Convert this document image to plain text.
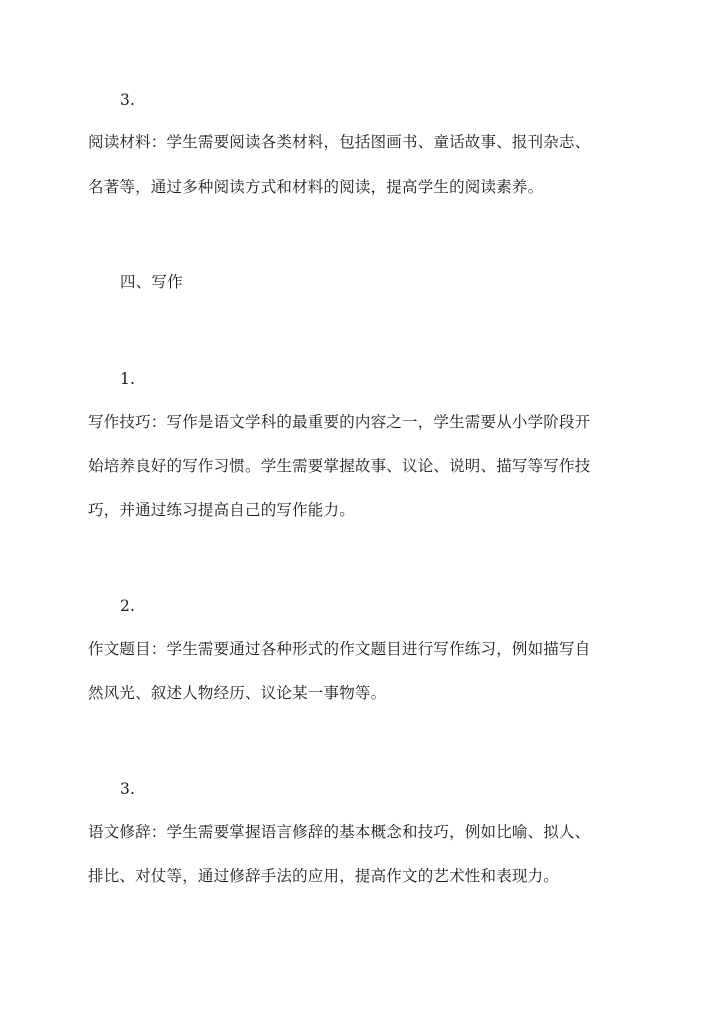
3.
阅读材料：学生需要阅读各类材料，包括图画书、童话故事、报刊杂志、
名著等，通过多种阅读方式和材料的阅读，提高学生的阅读素养。
四、写作
1.
写作技巧：写作是语文学科的最重要的内容之一，学生需要从小学阶段开
始培养良好的写作习惯。学生需要掌握故事、议论、说明、描写等写作技
巧，并通过练习提高自己的写作能力。
2.
作文题目：学生需要通过各种形式的作文题目进行写作练习，例如描写自
然风光、叙述人物经历、议论某一事物等。
3.
语文修辞：学生需要掌握语言修辞的基本概念和技巧，例如比喻、拟人、
排比、对仗等，通过修辞手法的应用，提高作文的艺术性和表现力。
